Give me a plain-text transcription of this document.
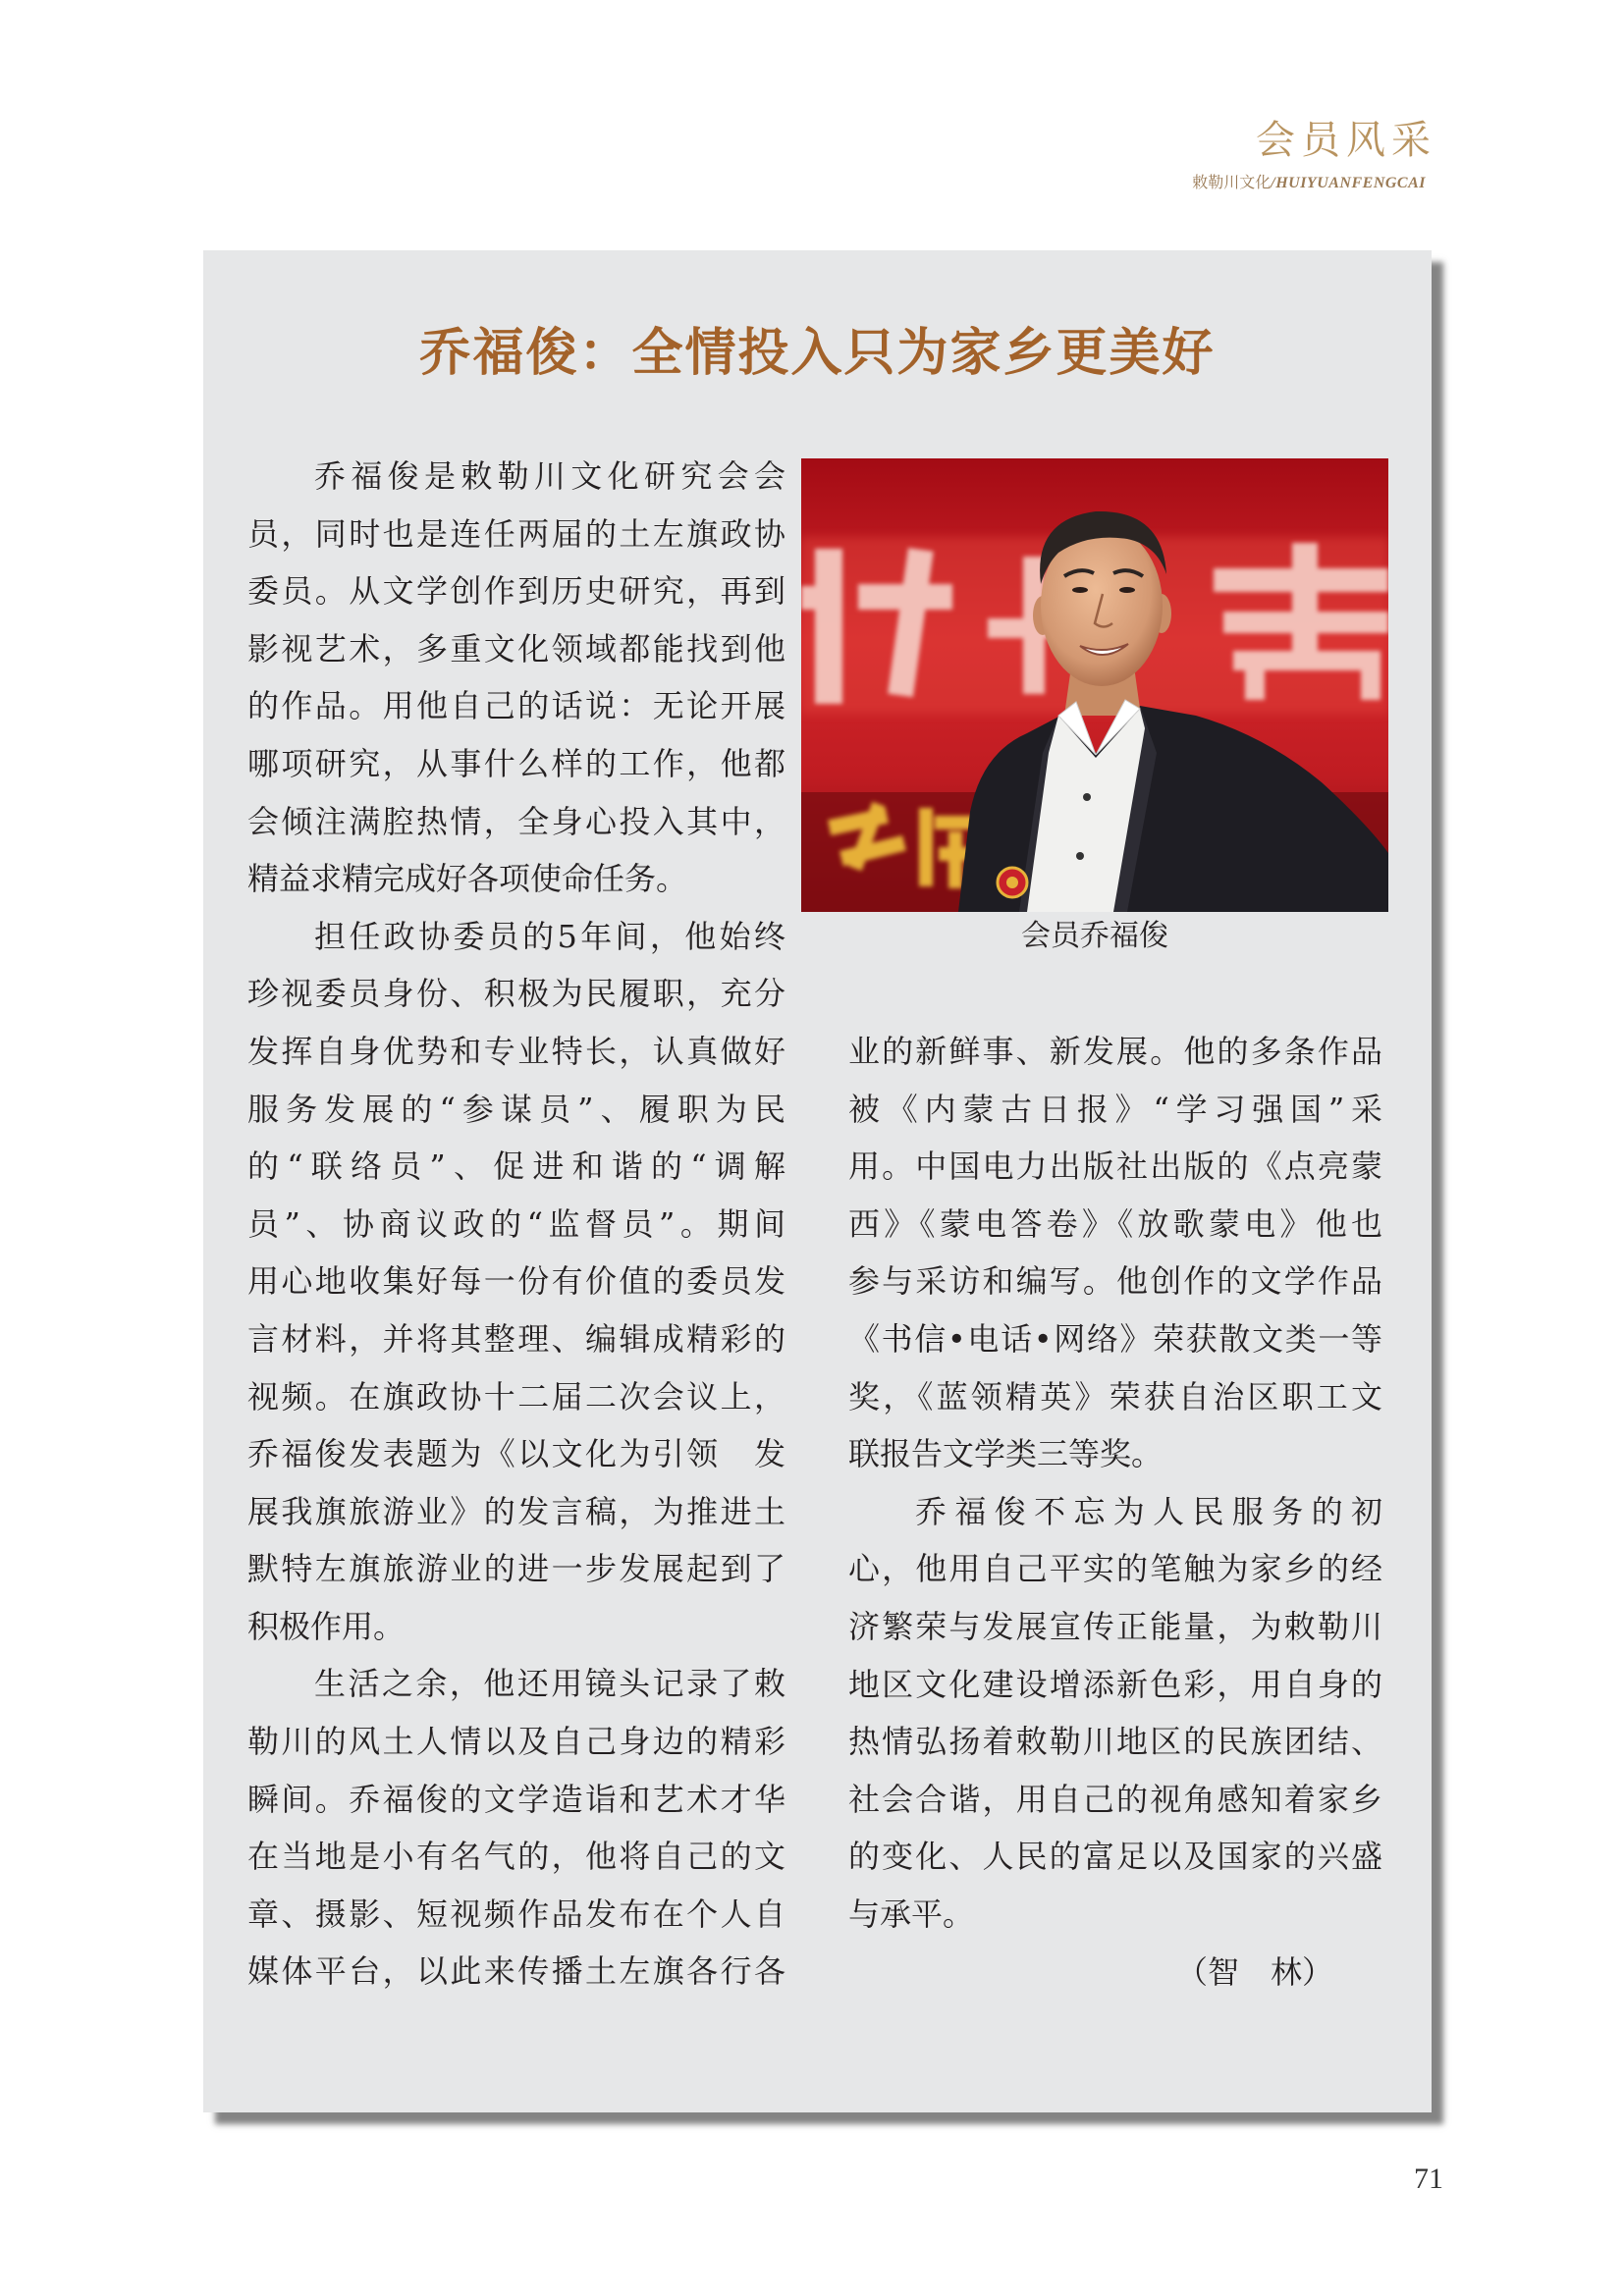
会员风采
敕勒川文化/HUIYUANFENGCAI
乔福俊：全情投入只为家乡更美好
乔福俊是敕勒川文化研究会会
员，同时也是连任两届的土左旗政协
委员。从文学创作到历史研究，再到
影视艺术，多重文化领域都能找到他
的作品。用他自己的话说：无论开展
哪项研究，从事什么样的工作，他都
会倾注满腔热情，全身心投入其中，
精益求精完成好各项使命任务。
担任政协委员的5年间，他始终
珍视委员身份、积极为民履职，充分
发挥自身优势和专业特长，认真做好
服务发展的“参谋员”、履职为民
的“联络员”、促进和谐的“调解
员”、协商议政的“监督员”。期间
用心地收集好每一份有价值的委员发
言材料，并将其整理、编辑成精彩的
视频。在旗政协十二届二次会议上，
乔福俊发表题为《以文化为引领　发
展我旗旅游业》的发言稿，为推进土
默特左旗旅游业的进一步发展起到了
积极作用。
生活之余，他还用镜头记录了敕
勒川的风土人情以及自己身边的精彩
瞬间。乔福俊的文学造诣和艺术才华
在当地是小有名气的，他将自己的文
章、摄影、短视频作品发布在个人自
媒体平台，以此来传播土左旗各行各
会员乔福俊
业的新鲜事、新发展。他的多条作品
被《内蒙古日报》“学习强国”采
用。中国电力出版社出版的《点亮蒙
西》《蒙电答卷》《放歌蒙电》他也
参与采访和编写。他创作的文学作品
《书信•电话•网络》荣获散文类一等
奖，《蓝领精英》荣获自治区职工文
联报告文学类三等奖。
乔福俊不忘为人民服务的初
心，他用自己平实的笔触为家乡的经
济繁荣与发展宣传正能量，为敕勒川
地区文化建设增添新色彩，用自身的
热情弘扬着敕勒川地区的民族团结、
社会合谐，用自己的视角感知着家乡
的变化、人民的富足以及国家的兴盛
与承平。
（智　林）
71
